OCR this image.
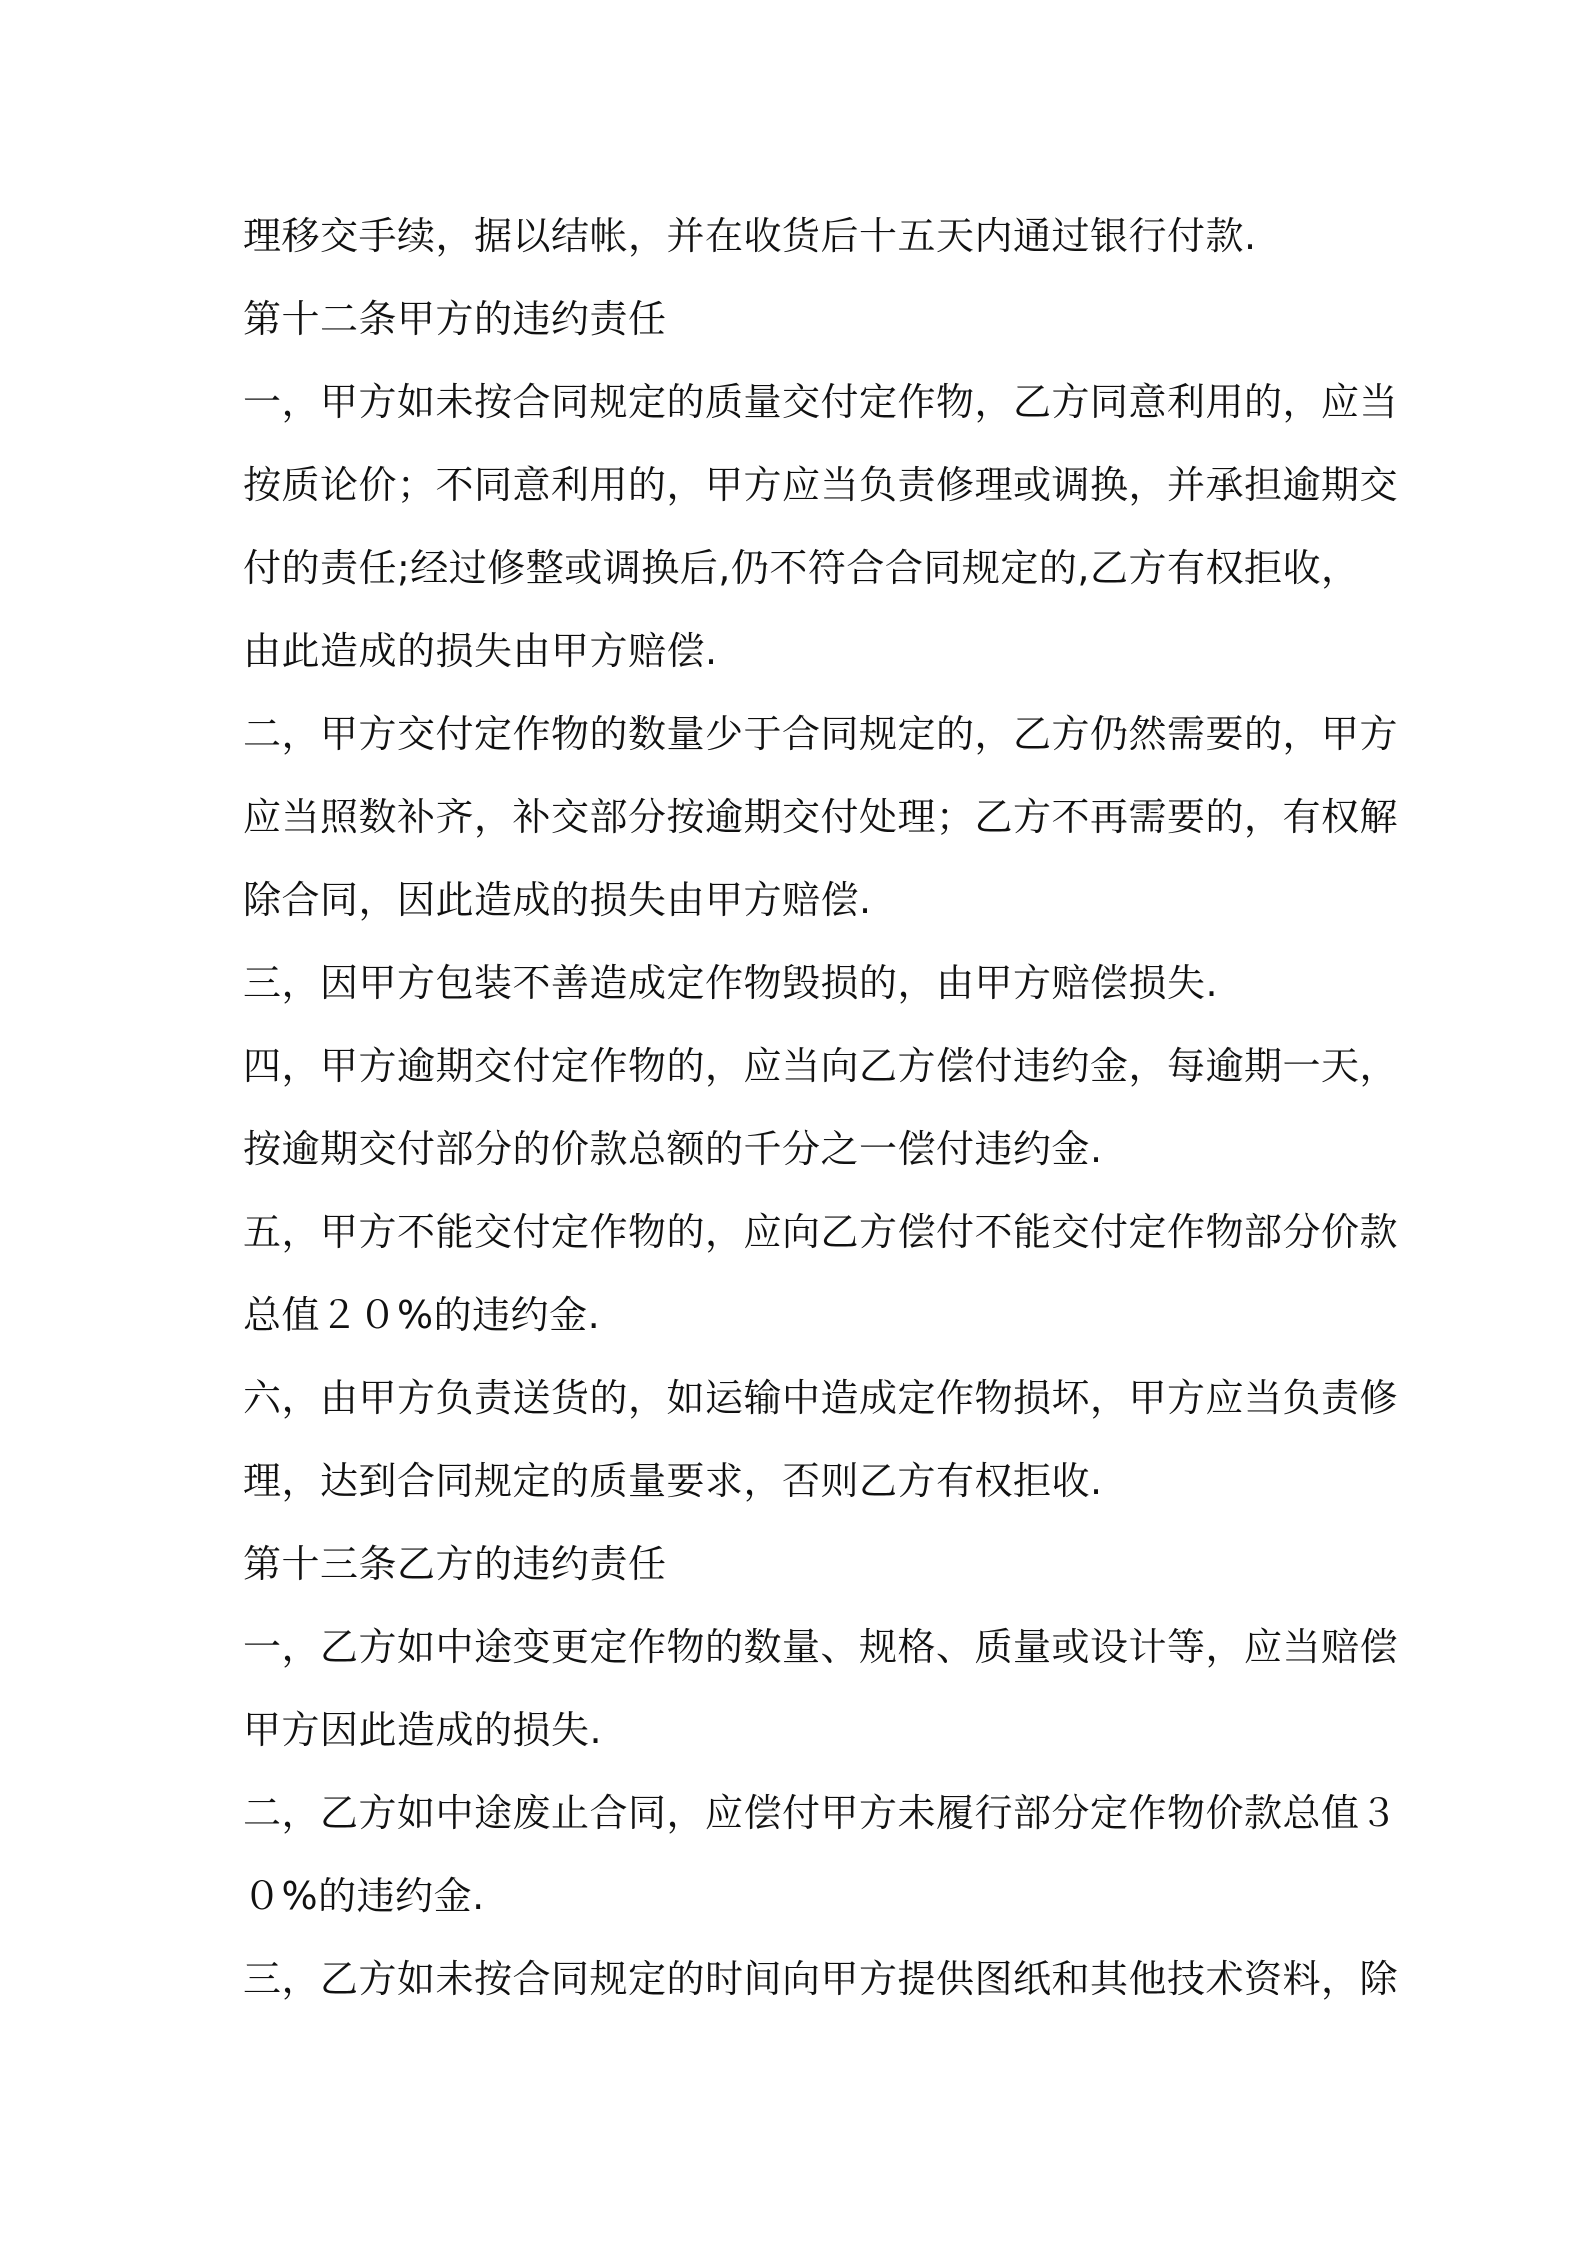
理移交手续，据以结帐，并在收货后十五天内通过银行付款.
第十二条甲方的违约责任
一，甲方如未按合同规定的质量交付定作物，乙方同意利用的，应当
按质论价；不同意利用的，甲方应当负责修理或调换，并承担逾期交
付的责任;经过修整或调换后,仍不符合合同规定的,乙方有权拒收，
由此造成的损失由甲方赔偿.
二，甲方交付定作物的数量少于合同规定的，乙方仍然需要的，甲方
应当照数补齐，补交部分按逾期交付处理；乙方不再需要的，有权解
除合同，因此造成的损失由甲方赔偿.
三，因甲方包装不善造成定作物毁损的，由甲方赔偿损失.
四，甲方逾期交付定作物的，应当向乙方偿付违约金，每逾期一天，
按逾期交付部分的价款总额的千分之一偿付违约金.
五，甲方不能交付定作物的，应向乙方偿付不能交付定作物部分价款
总值２０%的违约金.
六，由甲方负责送货的，如运输中造成定作物损坏，甲方应当负责修
理，达到合同规定的质量要求，否则乙方有权拒收.
第十三条乙方的违约责任
一，乙方如中途变更定作物的数量、规格、质量或设计等，应当赔偿
甲方因此造成的损失.
二，乙方如中途废止合同，应偿付甲方未履行部分定作物价款总值３
０%的违约金.
三，乙方如未按合同规定的时间向甲方提供图纸和其他技术资料，除
